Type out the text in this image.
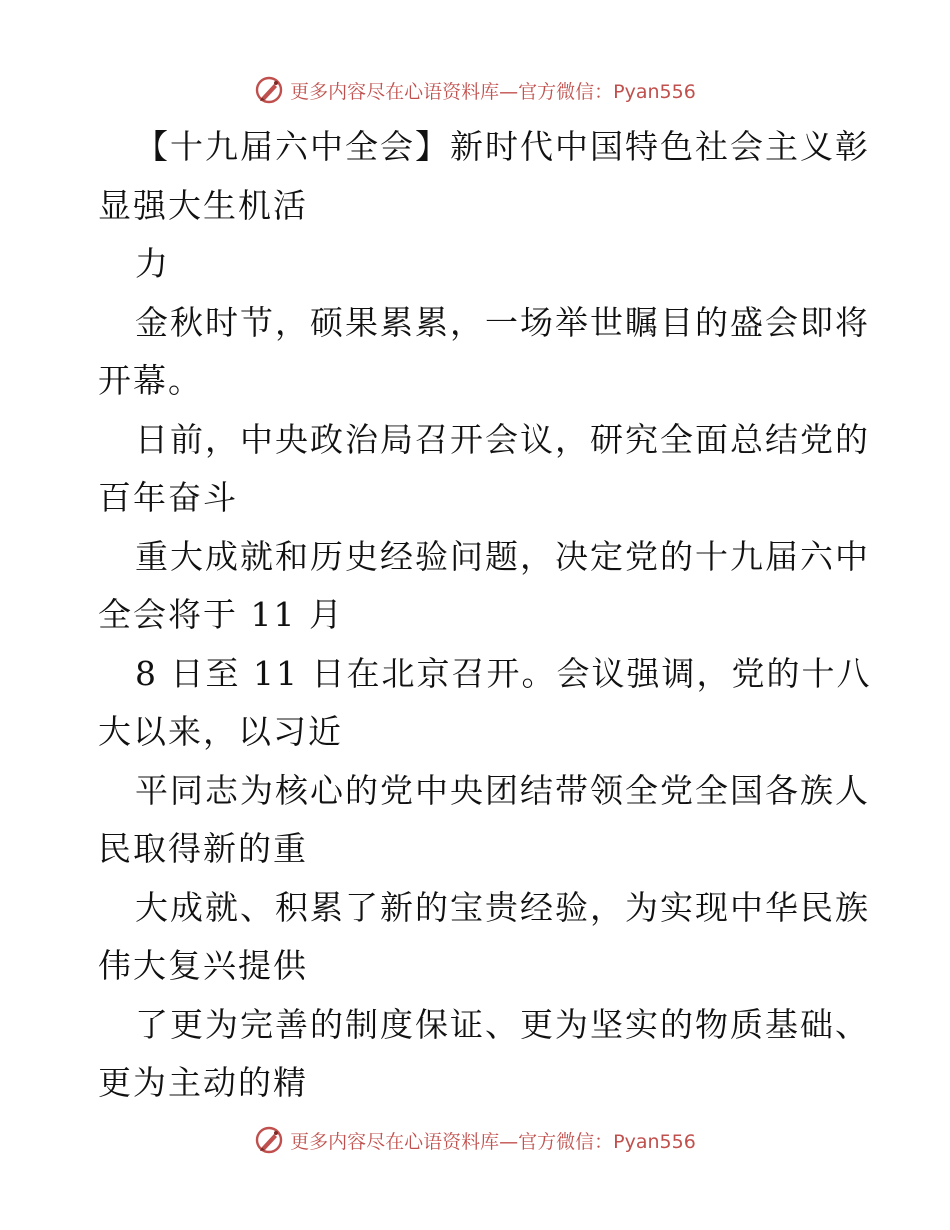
更多内容尽在心语资料库—官方微信：Pyan556
【十九届六中全会】新时代中国特色社会主义彰
显强大生机活
力
金秋时节，硕果累累，一场举世瞩目的盛会即将
开幕。
日前，中央政治局召开会议，研究全面总结党的
百年奋斗
重大成就和历史经验问题，决定党的十九届六中
全会将于 11 月
8 日至 11 日在北京召开。会议强调，党的十八
大以来，以习近
平同志为核心的党中央团结带领全党全国各族人
民取得新的重
大成就、积累了新的宝贵经验，为实现中华民族
伟大复兴提供
了更为完善的制度保证、更为坚实的物质基础、
更为主动的精
更多内容尽在心语资料库—官方微信：Pyan556
